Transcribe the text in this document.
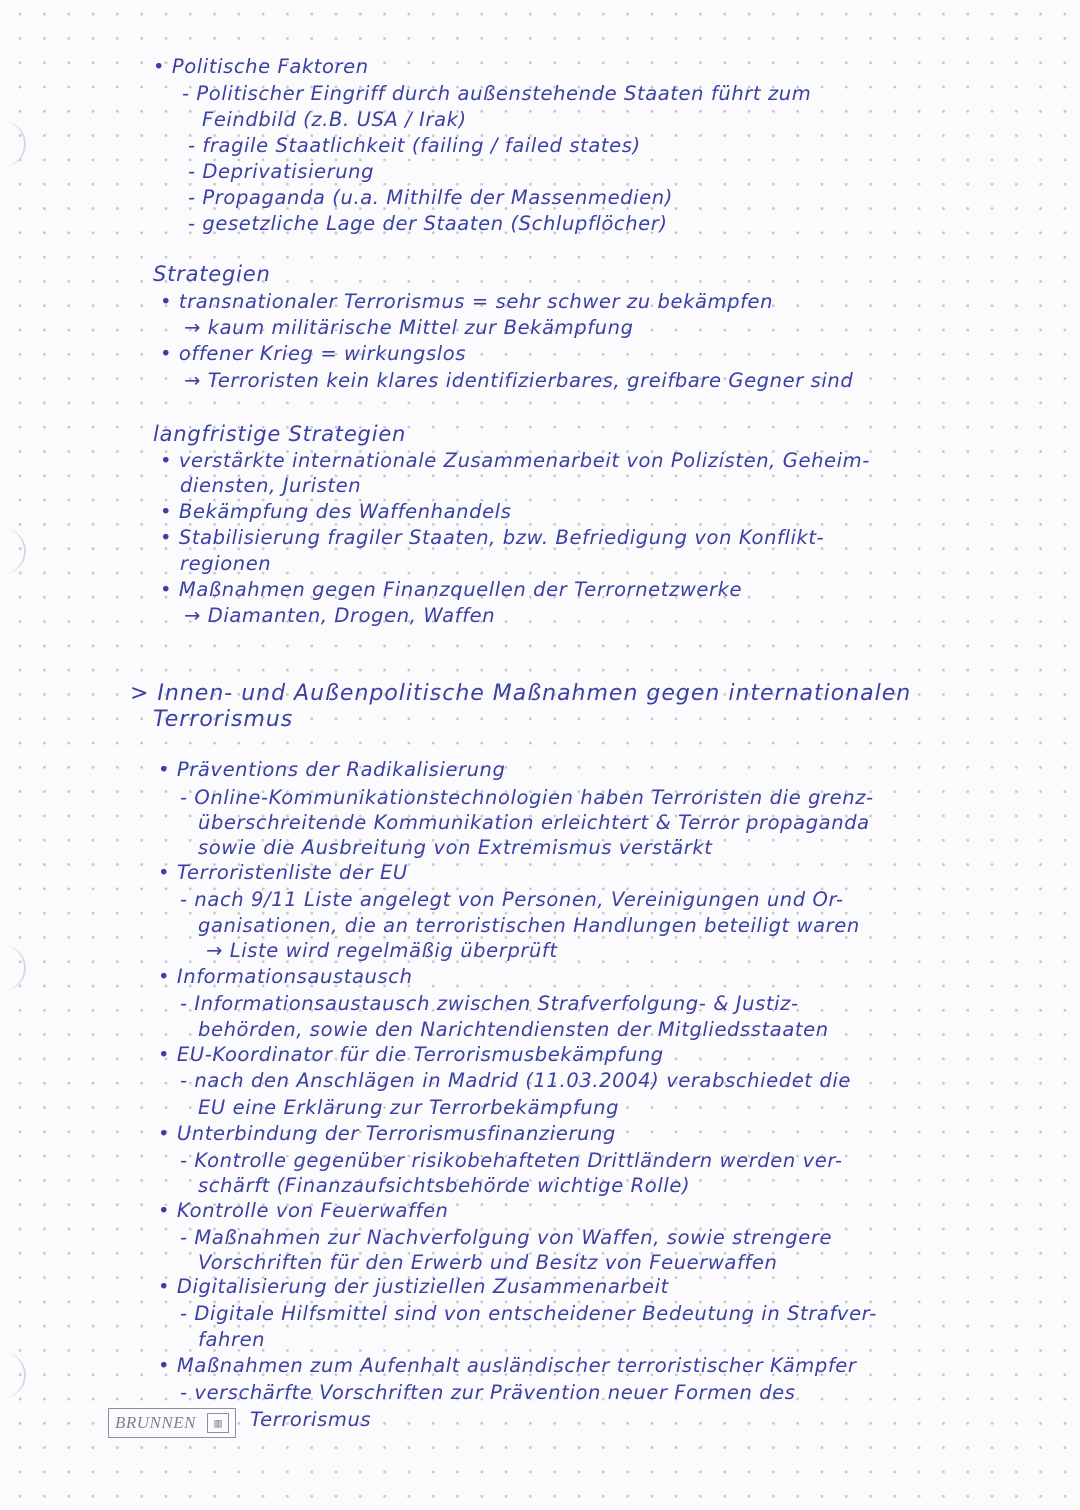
• Politische Faktoren
- Politischer Eingriff durch außenstehende Staaten führt zum
Feindbild (z.B. USA / Irak)
- fragile Staatlichkeit (failing / failed states)
- Deprivatisierung
- Propaganda (u.a. Mithilfe der Massenmedien)
- gesetzliche Lage der Staaten (Schlupflöcher)
Strategien
• transnationaler Terrorismus = sehr schwer zu bekämpfen
→ kaum militärische Mittel zur Bekämpfung
• offener Krieg = wirkungslos
→ Terroristen kein klares identifizierbares, greifbare Gegner sind
langfristige Strategien
• verstärkte internationale Zusammenarbeit von Polizisten, Geheim-
diensten, Juristen
• Bekämpfung des Waffenhandels
• Stabilisierung fragiler Staaten, bzw. Befriedigung von Konflikt-
regionen
• Maßnahmen gegen Finanzquellen der Terrornetzwerke
→ Diamanten, Drogen, Waffen
> Innen- und Außenpolitische Maßnahmen gegen internationalen
Terrorismus
• Präventions der Radikalisierung
- Online-Kommunikationstechnologien haben Terroristen die grenz-
überschreitende Kommunikation erleichtert & Terror propaganda
sowie die Ausbreitung von Extremismus verstärkt
• Terroristenliste der EU
- nach 9/11 Liste angelegt von Personen, Vereinigungen und Or-
ganisationen, die an terroristischen Handlungen beteiligt waren
→ Liste wird regelmäßig überprüft
• Informationsaustausch
- Informationsaustausch zwischen Strafverfolgung- & Justiz-
behörden, sowie den Narichtendiensten der Mitgliedsstaaten
• EU-Koordinator für die Terrorismusbekämpfung
- nach den Anschlägen in Madrid (11.03.2004) verabschiedet die
EU eine Erklärung zur Terrorbekämpfung
• Unterbindung der Terrorismusfinanzierung
- Kontrolle gegenüber risikobehafteten Drittländern werden ver-
schärft (Finanzaufsichtsbehörde wichtige Rolle)
• Kontrolle von Feuerwaffen
- Maßnahmen zur Nachverfolgung von Waffen, sowie strengere
Vorschriften für den Erwerb und Besitz von Feuerwaffen
• Digitalisierung der justiziellen Zusammenarbeit
- Digitale Hilfsmittel sind von entscheidener Bedeutung in Strafver-
fahren
• Maßnahmen zum Aufenhalt ausländischer terroristischer Kämpfer
- verschärfte Vorschriften zur Prävention neuer Formen des
Terrorismus
BRUNNEN	▥
